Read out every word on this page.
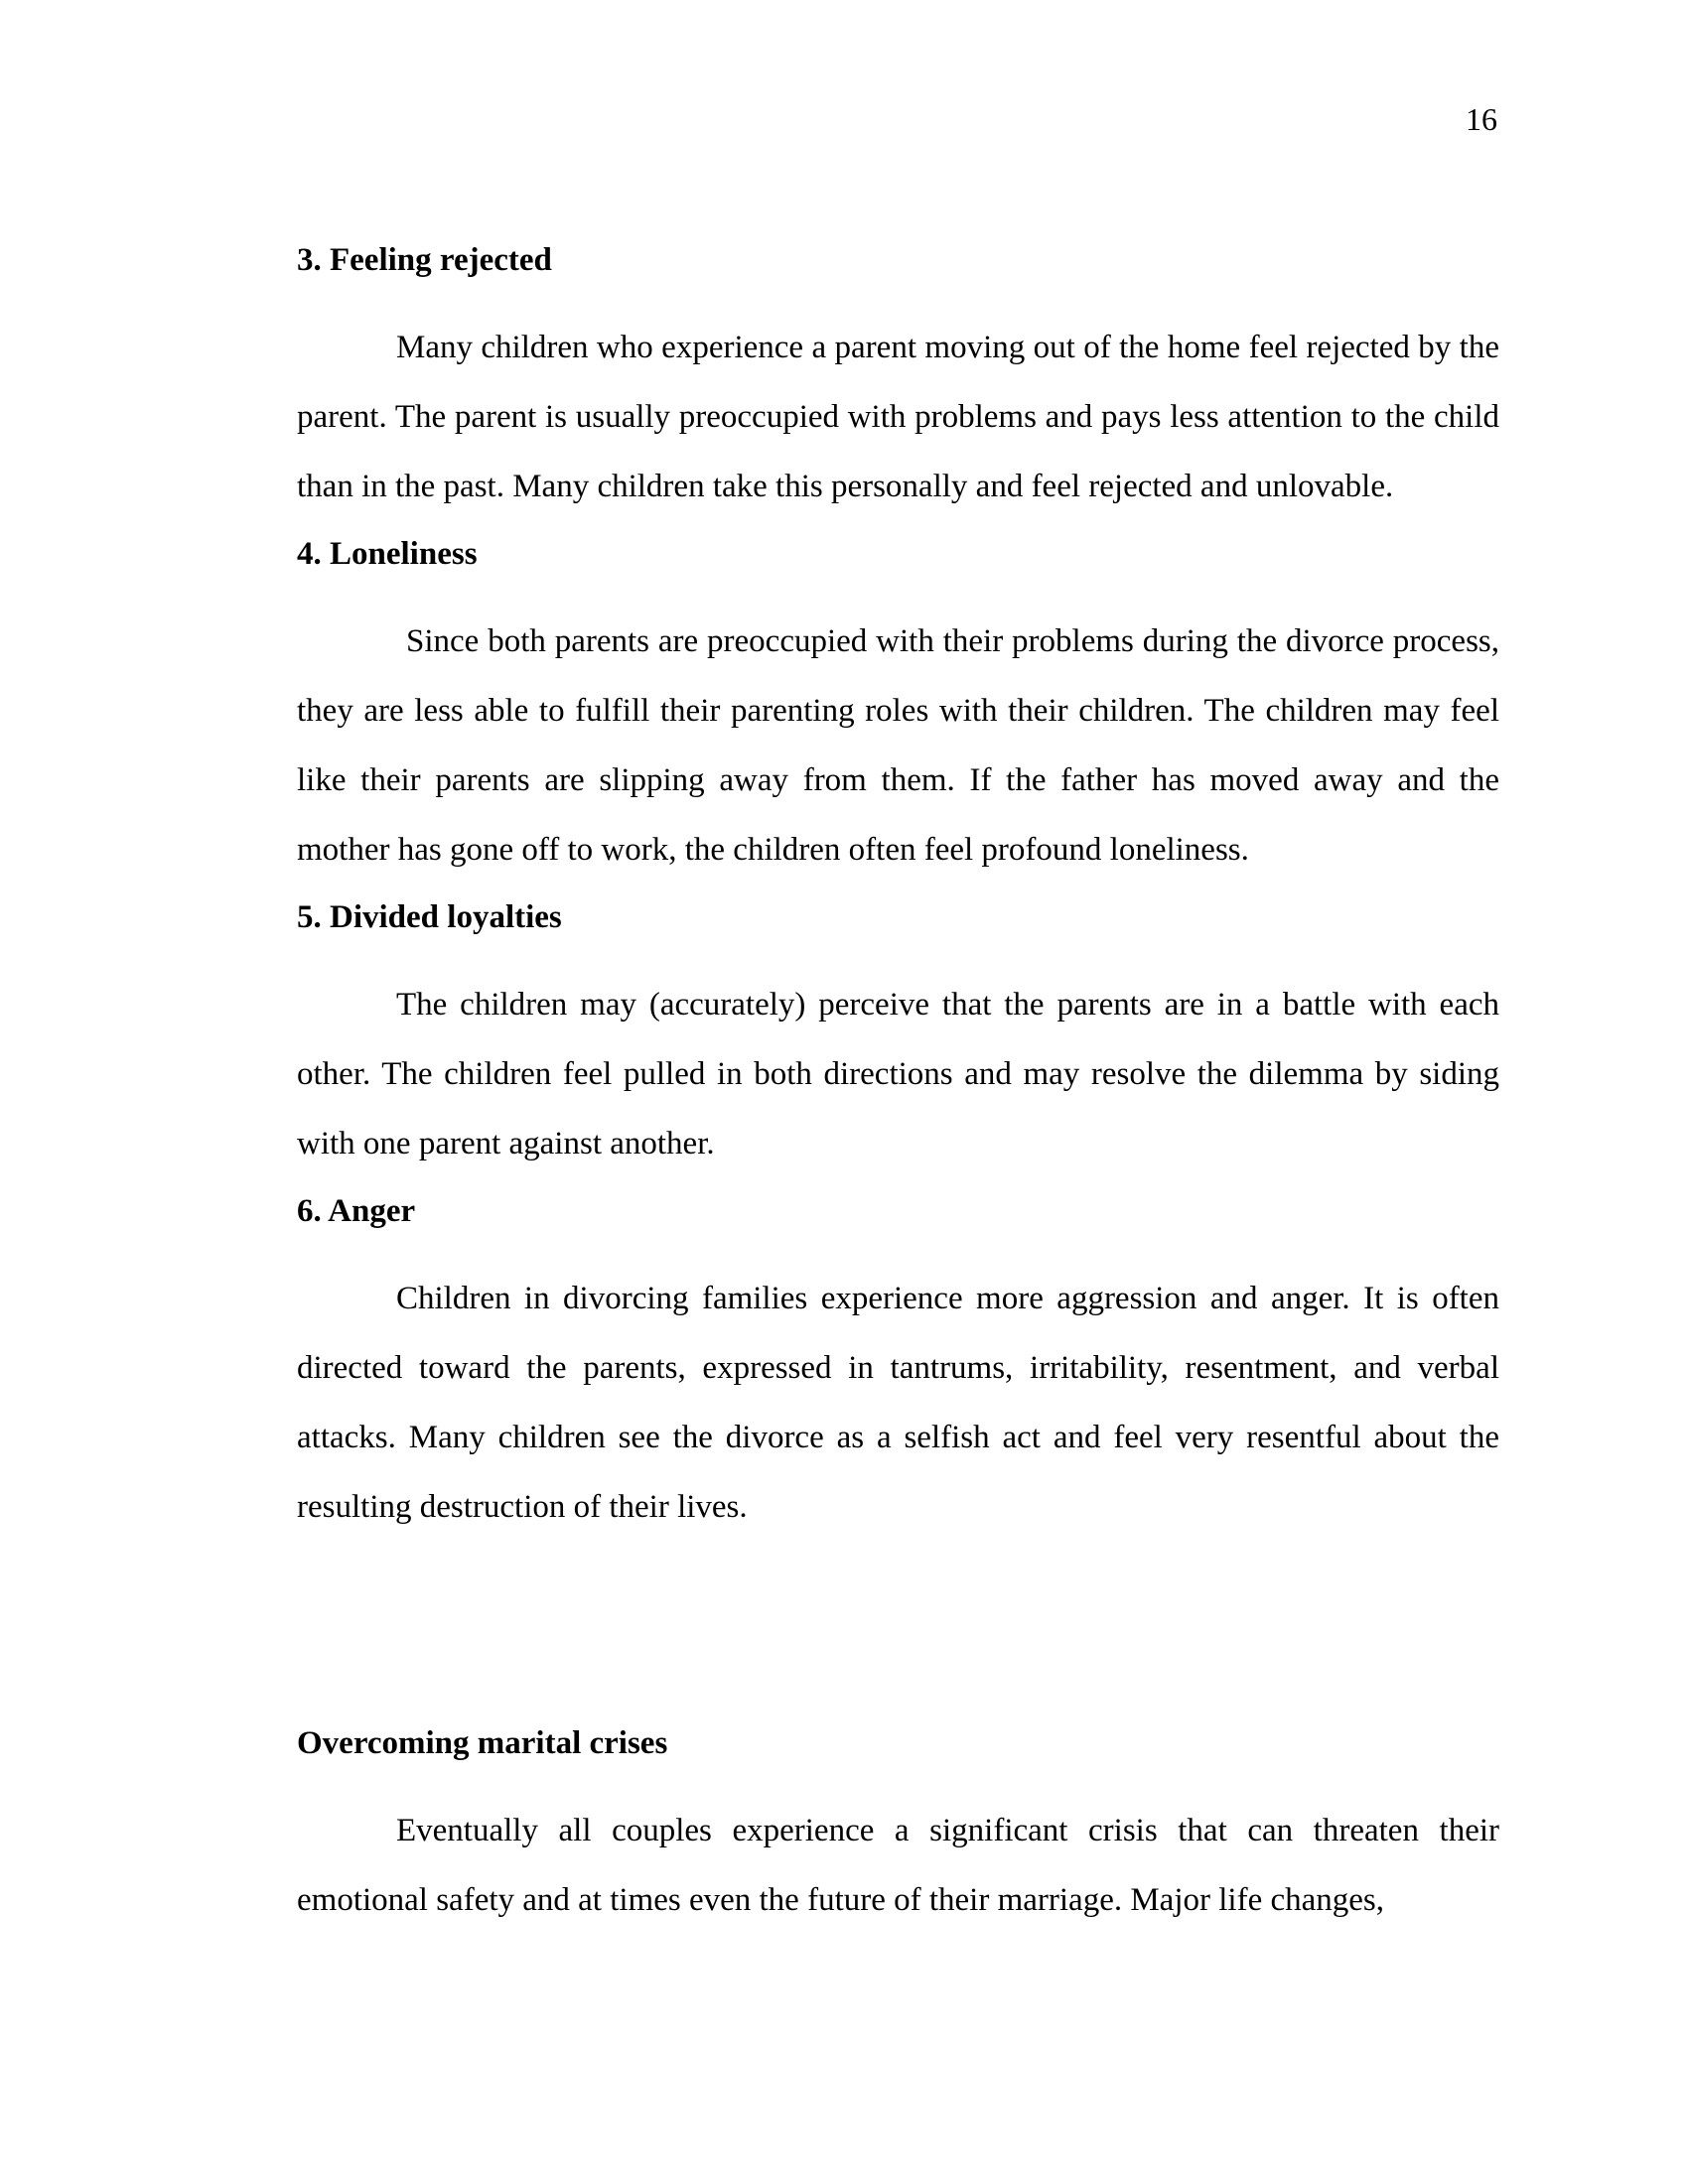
16
3. Feeling rejected

Many children who experience a parent moving out of the home feel rejected by the parent. The parent is usually preoccupied with problems and pays less attention to the child than in the past. Many children take this personally and feel rejected and unlovable.

4. Loneliness

Since both parents are preoccupied with their problems during the divorce process, they are less able to fulfill their parenting roles with their children. The children may feel like their parents are slipping away from them. If the father has moved away and the mother has gone off to work, the children often feel profound loneliness.

5. Divided loyalties

The children may (accurately) perceive that the parents are in a battle with each other. The children feel pulled in both directions and may resolve the dilemma by siding with one parent against another.

6. Anger

Children in divorcing families experience more aggression and anger. It is often directed toward the parents, expressed in tantrums, irritability, resentment, and verbal attacks. Many children see the divorce as a selfish act and feel very resentful about the resulting destruction of their lives.

Overcoming marital crises

Eventually all couples experience a significant crisis that can threaten their emotional safety and at times even the future of their marriage. Major life changes,
